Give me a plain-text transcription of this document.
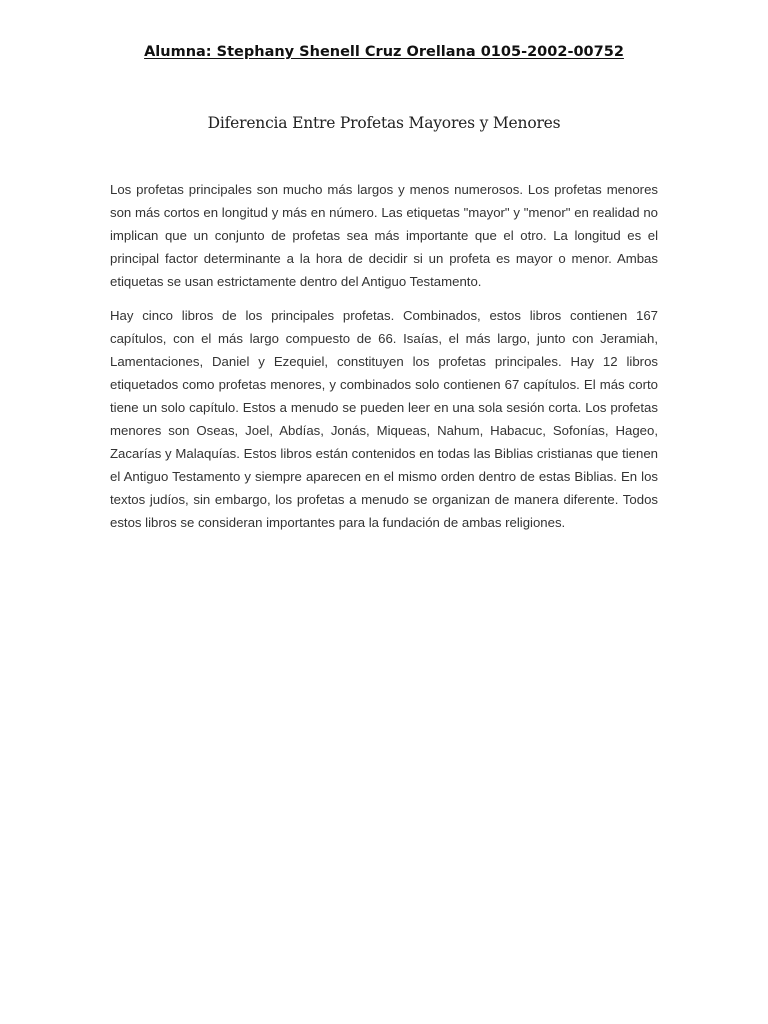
Alumna: Stephany Shenell Cruz Orellana 0105-2002-00752
Diferencia Entre Profetas Mayores y Menores

Los profetas principales son mucho más largos y menos numerosos. Los profetas menores son más cortos en longitud y más en número. Las etiquetas "mayor" y "menor" en realidad no implican que un conjunto de profetas sea más importante que el otro. La longitud es el principal factor determinante a la hora de decidir si un profeta es mayor o menor. Ambas etiquetas se usan estrictamente dentro del Antiguo Testamento.

Hay cinco libros de los principales profetas. Combinados, estos libros contienen 167 capítulos, con el más largo compuesto de 66. Isaías, el más largo, junto con Jeramiah, Lamentaciones, Daniel y Ezequiel, constituyen los profetas principales. Hay 12 libros etiquetados como profetas menores, y combinados solo contienen 67 capítulos. El más corto tiene un solo capítulo. Estos a menudo se pueden leer en una sola sesión corta. Los profetas menores son Oseas, Joel, Abdías, Jonás, Miqueas, Nahum, Habacuc, Sofonías, Hageo, Zacarías y Malaquías. Estos libros están contenidos en todas las Biblias cristianas que tienen el Antiguo Testamento y siempre aparecen en el mismo orden dentro de estas Biblias. En los textos judíos, sin embargo, los profetas a menudo se organizan de manera diferente. Todos estos libros se consideran importantes para la fundación de ambas religiones.
